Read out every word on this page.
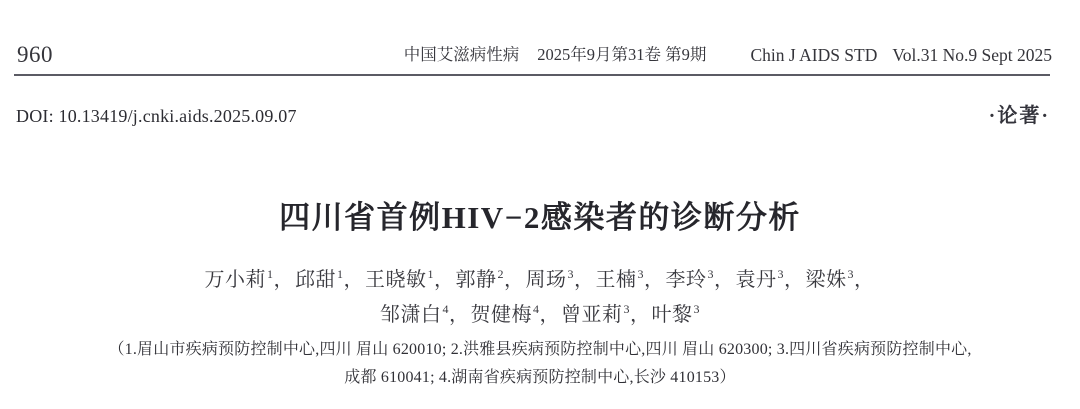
960	中国艾滋病性病 2025年9月第31卷 第9期	Chin J AIDS STD Vol.31 No.9 Sept 2025
DOI: 10.13419/j.cnki.aids.2025.09.07	·论著·
四川省首例HIV−2感染者的诊断分析

万小莉$^1$，邱甜$^1$，王晓敏$^1$，郭静$^2$，周玚$^3$，王楠$^3$，李玲$^3$，袁丹$^3$，梁姝$^3$，

邹潇白$^4$，贺健梅$^4$，曾亚莉$^3$，叶黎$^3$

（1.眉山市疾病预防控制中心,四川 眉山 620010; 2.洪雅县疾病预防控制中心,四川 眉山 620300; 3.四川省疾病预防控制中心,

成都 610041; 4.湖南省疾病预防控制中心,长沙 410153）
